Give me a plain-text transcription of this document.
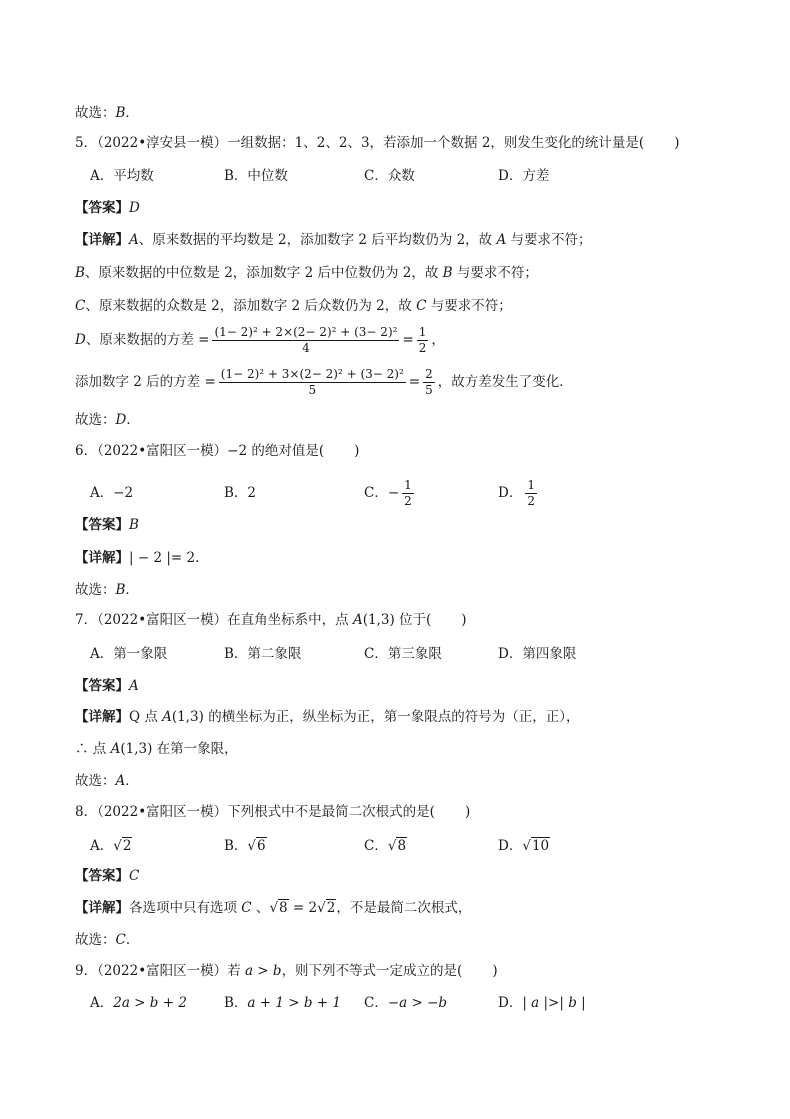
故选：B．
5．（2022•淳安县一模）一组数据：1、2、2、3，若添加一个数据 2，则发生变化的统计量是( )
A．平均数	B．中位数	C．众数	D．方差
【答案】D
【详解】A、原来数据的平均数是 2，添加数字 2 后平均数仍为 2，故 A 与要求不符；
B、原来数据的中位数是 2，添加数字 2 后中位数仍为 2，故 B 与要求不符；
C、原来数据的众数是 2，添加数字 2 后众数仍为 2，故 C 与要求不符；
D、原来数据的方差 = $\frac{\text{(1− 2)² + 2×(2− 2)² + (3− 2)²}}{4} = \frac{1}{2}$ ，
添加数字 2 后的方差 = $\frac{\text{(1− 2)² + 3×(2− 2)² + (3− 2)²}}{5} = \frac{2}{5}$ ，故方差发生了变化．
故选：D．
6．（2022•富阳区一模）−2 的绝对值是( )
A．−2	B．2	C．− $\frac{1}{2}$	D． $\frac{1}{2}$
【答案】B
【详解】| − 2 |= 2．
故选：B．
7．（2022•富阳区一模）在直角坐标系中，点 A(1,3) 位于( )
A．第一象限	B．第二象限	C．第三象限	D．第四象限
【答案】A
【详解】Q 点 A(1,3) 的横坐标为正，纵坐标为正，第一象限点的符号为（正，正），
∴ 点 A(1,3) 在第一象限，
故选：A．
8．（2022•富阳区一模）下列根式中不是最简二次根式的是( )
A．√2	B．√6	C．√8	D．√10
【答案】C
【详解】各选项中只有选项 C 、√8 = 2√2，不是最简二次根式，
故选：C．
9．（2022•富阳区一模）若 a > b，则下列不等式一定成立的是( )
A．2a > b + 2	B．a + 1 > b + 1 C．−a > −b	D．| a |>| b |
